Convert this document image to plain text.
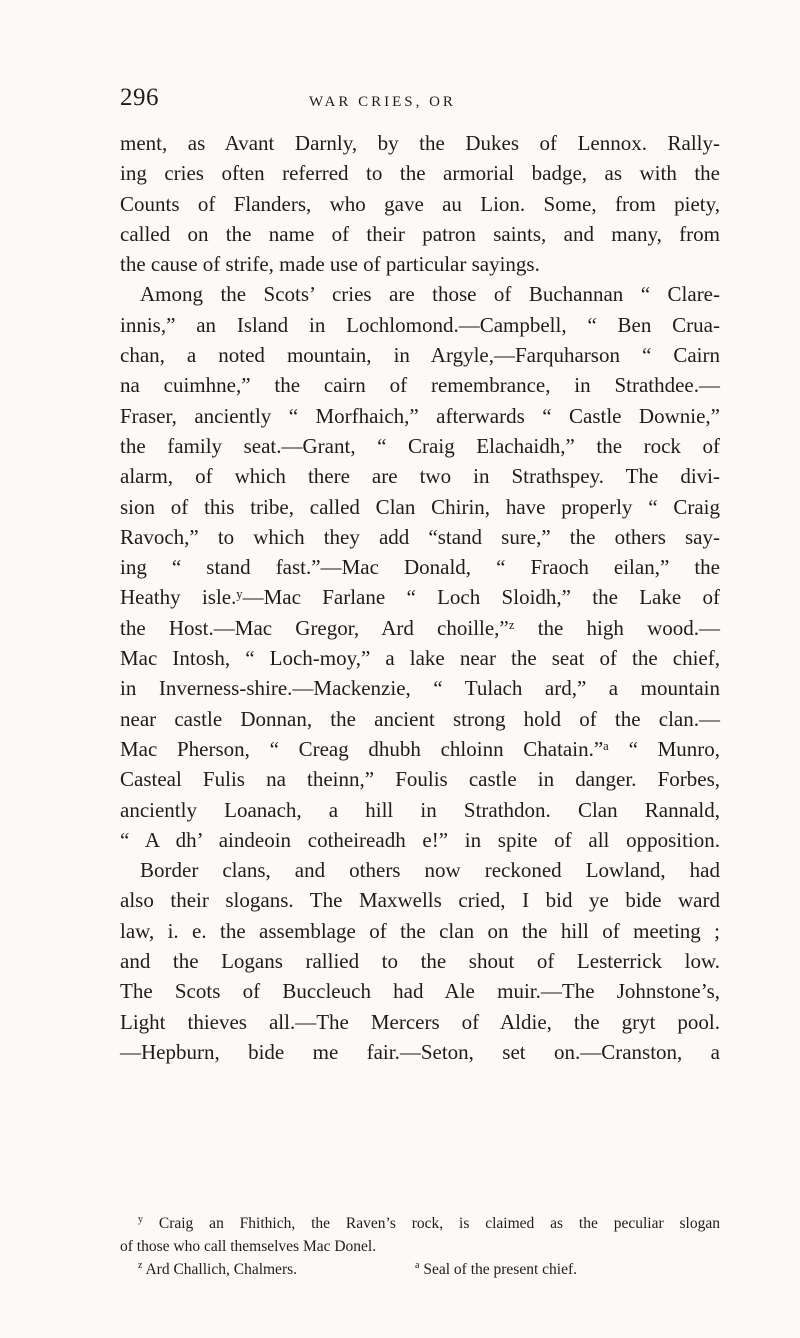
296	WAR CRIES, OR
ment, as Avant Darnly, by the Dukes of Lennox. Rally-
ing cries often referred to the armorial badge, as with the
Counts of Flanders, who gave au Lion. Some, from piety,
called on the name of their patron saints, and many, from
the cause of strife, made use of particular sayings.
Among the Scots’ cries are those of Buchannan “ Clare-
innis,” an Island in Lochlomond.—Campbell, “ Ben Crua-
chan, a noted mountain, in Argyle,—Farquharson “ Cairn
na cuimhne,” the cairn of remembrance, in Strathdee.—
Fraser, anciently “ Morfhaich,” afterwards “ Castle Downie,”
the family seat.—Grant, “ Craig Elachaidh,” the rock of
alarm, of which there are two in Strathspey. The divi-
sion of this tribe, called Clan Chirin, have properly “ Craig
Ravoch,” to which they add “stand sure,” the others say-
ing “ stand fast.”—Mac Donald, “ Fraoch eilan,” the
Heathy isle.ʸ—Mac Farlane “ Loch Sloidh,” the Lake of
the Host.—Mac Gregor, Ard choille,”ᶻ the high wood.—
Mac Intosh, “ Loch-moy,” a lake near the seat of the chief,
in Inverness-shire.—Mackenzie, “ Tulach ard,” a mountain
near castle Donnan, the ancient strong hold of the clan.—
Mac Pherson, “ Creag dhubh chloinn Chatain.”ᵃ “ Munro,
Casteal Fulis na theinn,” Foulis castle in danger. Forbes,
anciently Loanach, a hill in Strathdon. Clan Rannald,
“ A dh’ aindeoin cotheireadh e!” in spite of all opposition.
Border clans, and others now reckoned Lowland, had
also their slogans. The Maxwells cried, I bid ye bide ward
law, i. e. the assemblage of the clan on the hill of meeting ;
and the Logans rallied to the shout of Lesterrick low.
The Scots of Buccleuch had Ale muir.—The Johnstone’s,
Light thieves all.—The Mercers of Aldie, the gryt pool.
—Hepburn, bide me fair.—Seton, set on.—Cranston, a
$^y$ Craig an Fhithich, the Raven’s rock, is claimed as the peculiar slogan
of those who call themselves Mac Donel.
$^z$ Ard Challich, Chalmers.	$^a$ Seal of the present chief.
